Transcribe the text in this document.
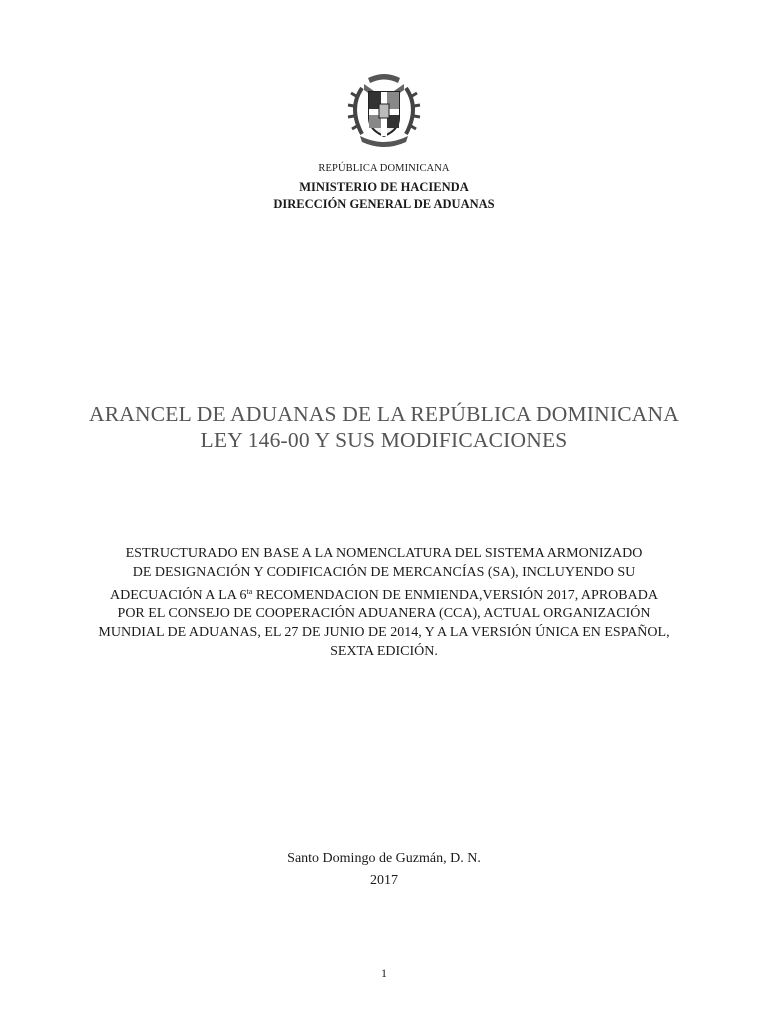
REPÚBLICA DOMINICANA
MINISTERIO DE HACIENDA
DIRECCIÓN GENERAL DE ADUANAS
ARANCEL DE ADUANAS DE LA REPÚBLICA DOMINICANA
LEY 146-00 Y SUS MODIFICACIONES
ESTRUCTURADO EN BASE A LA NOMENCLATURA DEL SISTEMA ARMONIZADO
DE DESIGNACIÓN Y CODIFICACIÓN DE MERCANCÍAS (SA), INCLUYENDO SU
ADECUACIÓN A LA $6^{ta}$ RECOMENDACION DE ENMIENDA,VERSIÓN 2017, APROBADA
POR EL CONSEJO DE COOPERACIÓN ADUANERA (CCA), ACTUAL ORGANIZACIÓN
MUNDIAL DE ADUANAS, EL 27 DE JUNIO DE 2014, Y A LA VERSIÓN ÚNICA EN ESPAÑOL,
SEXTA EDICIÓN.
Santo Domingo de Guzmán, D. N.
2017
1
